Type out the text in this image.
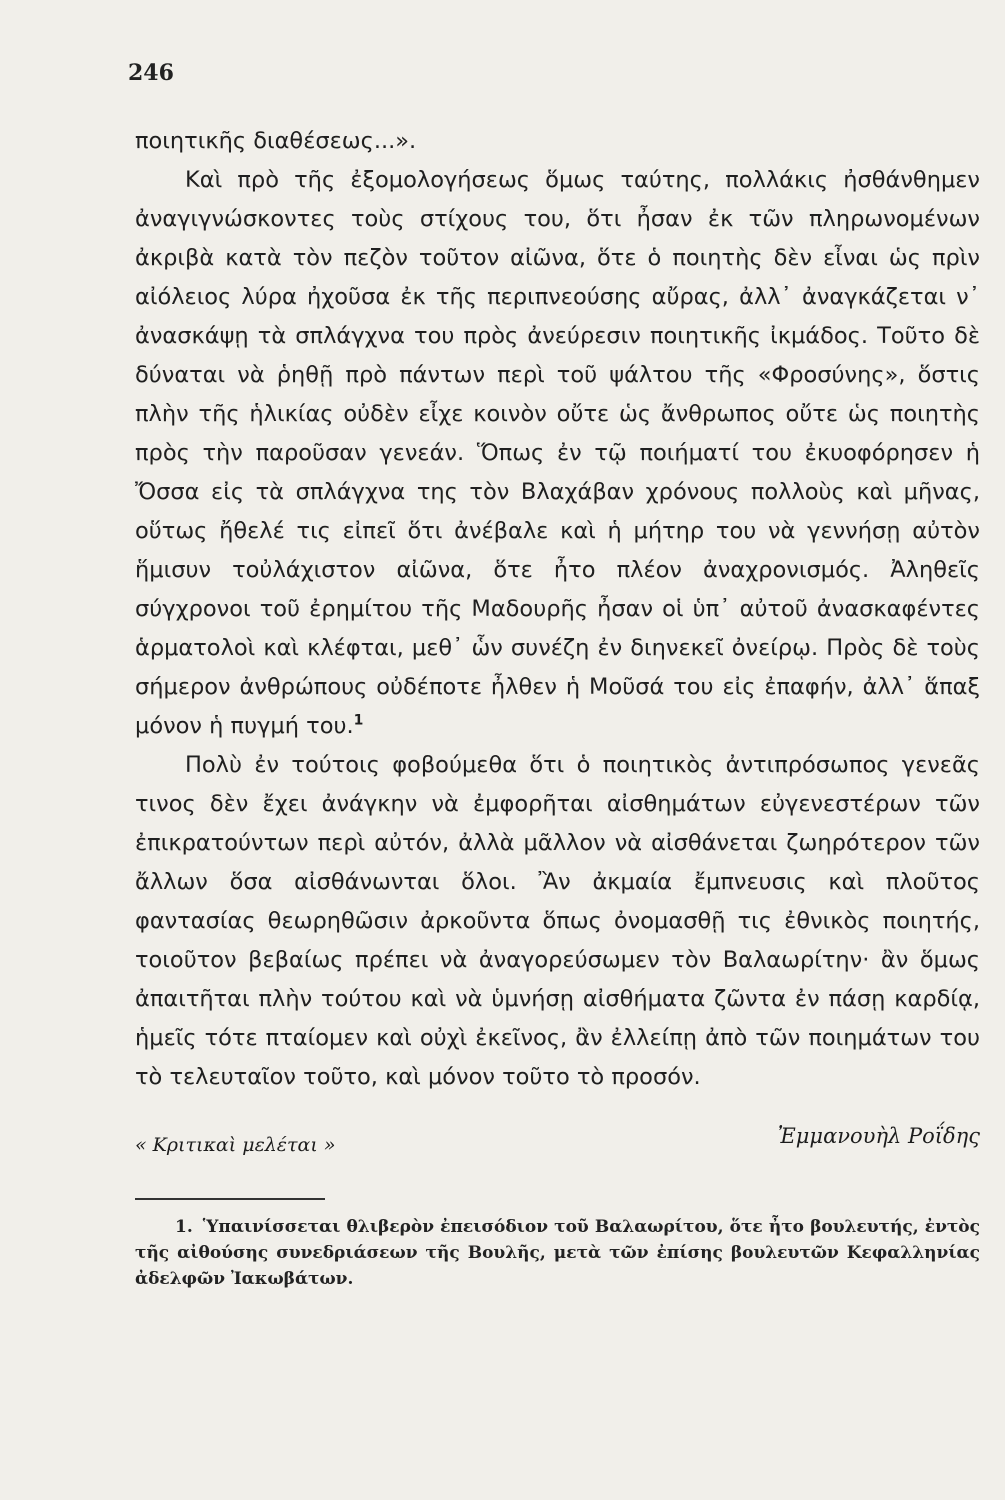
246

ποιητικῆς διαθέσεως...».

Καὶ πρὸ τῆς ἐξομολογήσεως ὅμως ταύτης, πολλάκις ἠσθάνθημεν ἀναγιγνώσκοντες τοὺς στίχους του, ὅτι ἦσαν ἐκ τῶν πληρωνομένων ἀκριβὰ κατὰ τὸν πεζὸν τοῦτον αἰῶνα, ὅτε ὁ ποιητὴς δὲν εἶναι ὡς πρὶν αἰόλειος λύρα ἠχοῦσα ἐκ τῆς περιπνεούσης αὔρας, ἀλλ᾽ ἀναγκάζεται ν᾽ ἀνασκάψῃ τὰ σπλάγχνα του πρὸς ἀνεύρεσιν ποιητικῆς ἰκμάδος. Τοῦτο δὲ δύναται νὰ ῥηθῇ πρὸ πάντων περὶ τοῦ ψάλτου τῆς «Φροσύνης», ὅστις πλὴν τῆς ἡλικίας οὐδὲν εἶχε κοινὸν οὔτε ὡς ἄνθρωπος οὔτε ὡς ποιητὴς πρὸς τὴν παροῦσαν γενεάν. Ὅπως ἐν τῷ ποιήματί του ἐκυοφόρησεν ἡ Ὄσσα εἰς τὰ σπλάγχνα της τὸν Βλαχάβαν χρόνους πολλοὺς καὶ μῆνας, οὕτως ἤθελέ τις εἰπεῖ ὅτι ἀνέβαλε καὶ ἡ μήτηρ του νὰ γεννήσῃ αὐτὸν ἥμισυν τοὐλάχιστον αἰῶνα, ὅτε ἦτο πλέον ἀναχρονισμός. Ἀληθεῖς σύγχρονοι τοῦ ἐρημίτου τῆς Μαδουρῆς ἦσαν οἱ ὑπ᾽ αὐτοῦ ἀνασκαφέντες ἁρματολοὶ καὶ κλέφται, μεθ᾽ ὧν συνέζη ἐν διηνεκεῖ ὀνείρῳ. Πρὸς δὲ τοὺς σήμερον ἀνθρώπους οὐδέποτε ἦλθεν ἡ Μοῦσά του εἰς ἐπαφήν, ἀλλ᾽ ἅπαξ μόνον ἡ πυγμή του.$^1$

Πολὺ ἐν τούτοις φοβούμεθα ὅτι ὁ ποιητικὸς ἀντιπρόσωπος γενεᾶς τινος δὲν ἔχει ἀνάγκην νὰ ἐμφορῆται αἰσθημάτων εὐγενεστέρων τῶν ἐπικρατούντων περὶ αὐτόν, ἀλλὰ μᾶλλον νὰ αἰσθάνεται ζωηρότερον τῶν ἄλλων ὅσα αἰσθάνωνται ὅλοι. Ἂν ἀκμαία ἔμπνευσις καὶ πλοῦτος φαντασίας θεωρηθῶσιν ἀρκοῦντα ὅπως ὀνομασθῇ τις ἐθνικὸς ποιητής, τοιοῦτον βεβαίως πρέπει νὰ ἀναγορεύσωμεν τὸν Βαλαωρίτην· ἂν ὅμως ἀπαιτῆται πλὴν τούτου καὶ νὰ ὑμνήσῃ αἰσθήματα ζῶντα ἐν πάσῃ καρδίᾳ, ἡμεῖς τότε πταίομεν καὶ οὐχὶ ἐκεῖνος, ἂν ἐλλείπῃ ἀπὸ τῶν ποιημάτων του τὸ τελευταῖον τοῦτο, καὶ μόνον τοῦτο τὸ προσόν.

« Κριτικαὶ μελέται »	Ἐμμανουὴλ Ροΐδης
1. Ὑπαινίσσεται θλιβερὸν ἐπεισόδιον τοῦ Βαλαωρίτου, ὅτε ἦτο βουλευτής, ἐντὸς τῆς αἰθούσης συνεδριάσεων τῆς Βουλῆς, μετὰ τῶν ἐπίσης βουλευτῶν Κεφαλληνίας ἀδελφῶν Ἰακωβάτων.
